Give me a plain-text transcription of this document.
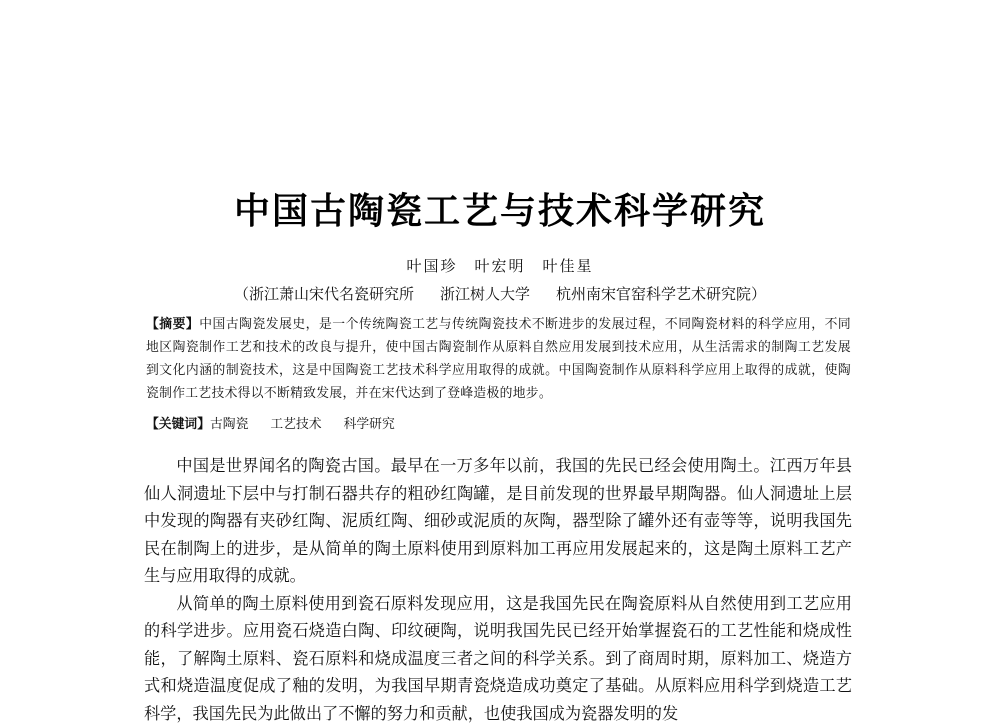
中国古陶瓷工艺与技术科学研究
叶国珍　叶宏明　叶佳星
（浙江萧山宋代名瓷研究所 浙江树人大学 杭州南宋官窑科学艺术研究院）
【摘要】中国古陶瓷发展史，是一个传统陶瓷工艺与传统陶瓷技术不断进步的发展过程，不同陶瓷材料的科学应用，不同地区陶瓷制作工艺和技术的改良与提升，使中国古陶瓷制作从原料自然应用发展到技术应用，从生活需求的制陶工艺发展到文化内涵的制瓷技术，这是中国陶瓷工艺技术科学应用取得的成就。中国陶瓷制作从原料科学应用上取得的成就，使陶瓷制作工艺技术得以不断精致发展，并在宋代达到了登峰造极的地步。
【关键词】古陶瓷 工艺技术 科学研究

中国是世界闻名的陶瓷古国。最早在一万多年以前，我国的先民已经会使用陶土。江西万年县仙人洞遗址下层中与打制石器共存的粗砂红陶罐，是目前发现的世界最早期陶器。仙人洞遗址上层中发现的陶器有夹砂红陶、泥质红陶、细砂或泥质的灰陶，器型除了罐外还有壶等等，说明我国先民在制陶上的进步，是从简单的陶土原料使用到原料加工再应用发展起来的，这是陶土原料工艺产生与应用取得的成就。

从简单的陶土原料使用到瓷石原料发现应用，这是我国先民在陶瓷原料从自然使用到工艺应用的科学进步。应用瓷石烧造白陶、印纹硬陶，说明我国先民已经开始掌握瓷石的工艺性能和烧成性能，了解陶土原料、瓷石原料和烧成温度三者之间的科学关系。到了商周时期，原料加工、烧造方式和烧造温度促成了釉的发明，为我国早期青瓷烧造成功奠定了基础。从原料应用科学到烧造工艺科学，我国先民为此做出了不懈的努力和贡献，也使我国成为瓷器发明的发
